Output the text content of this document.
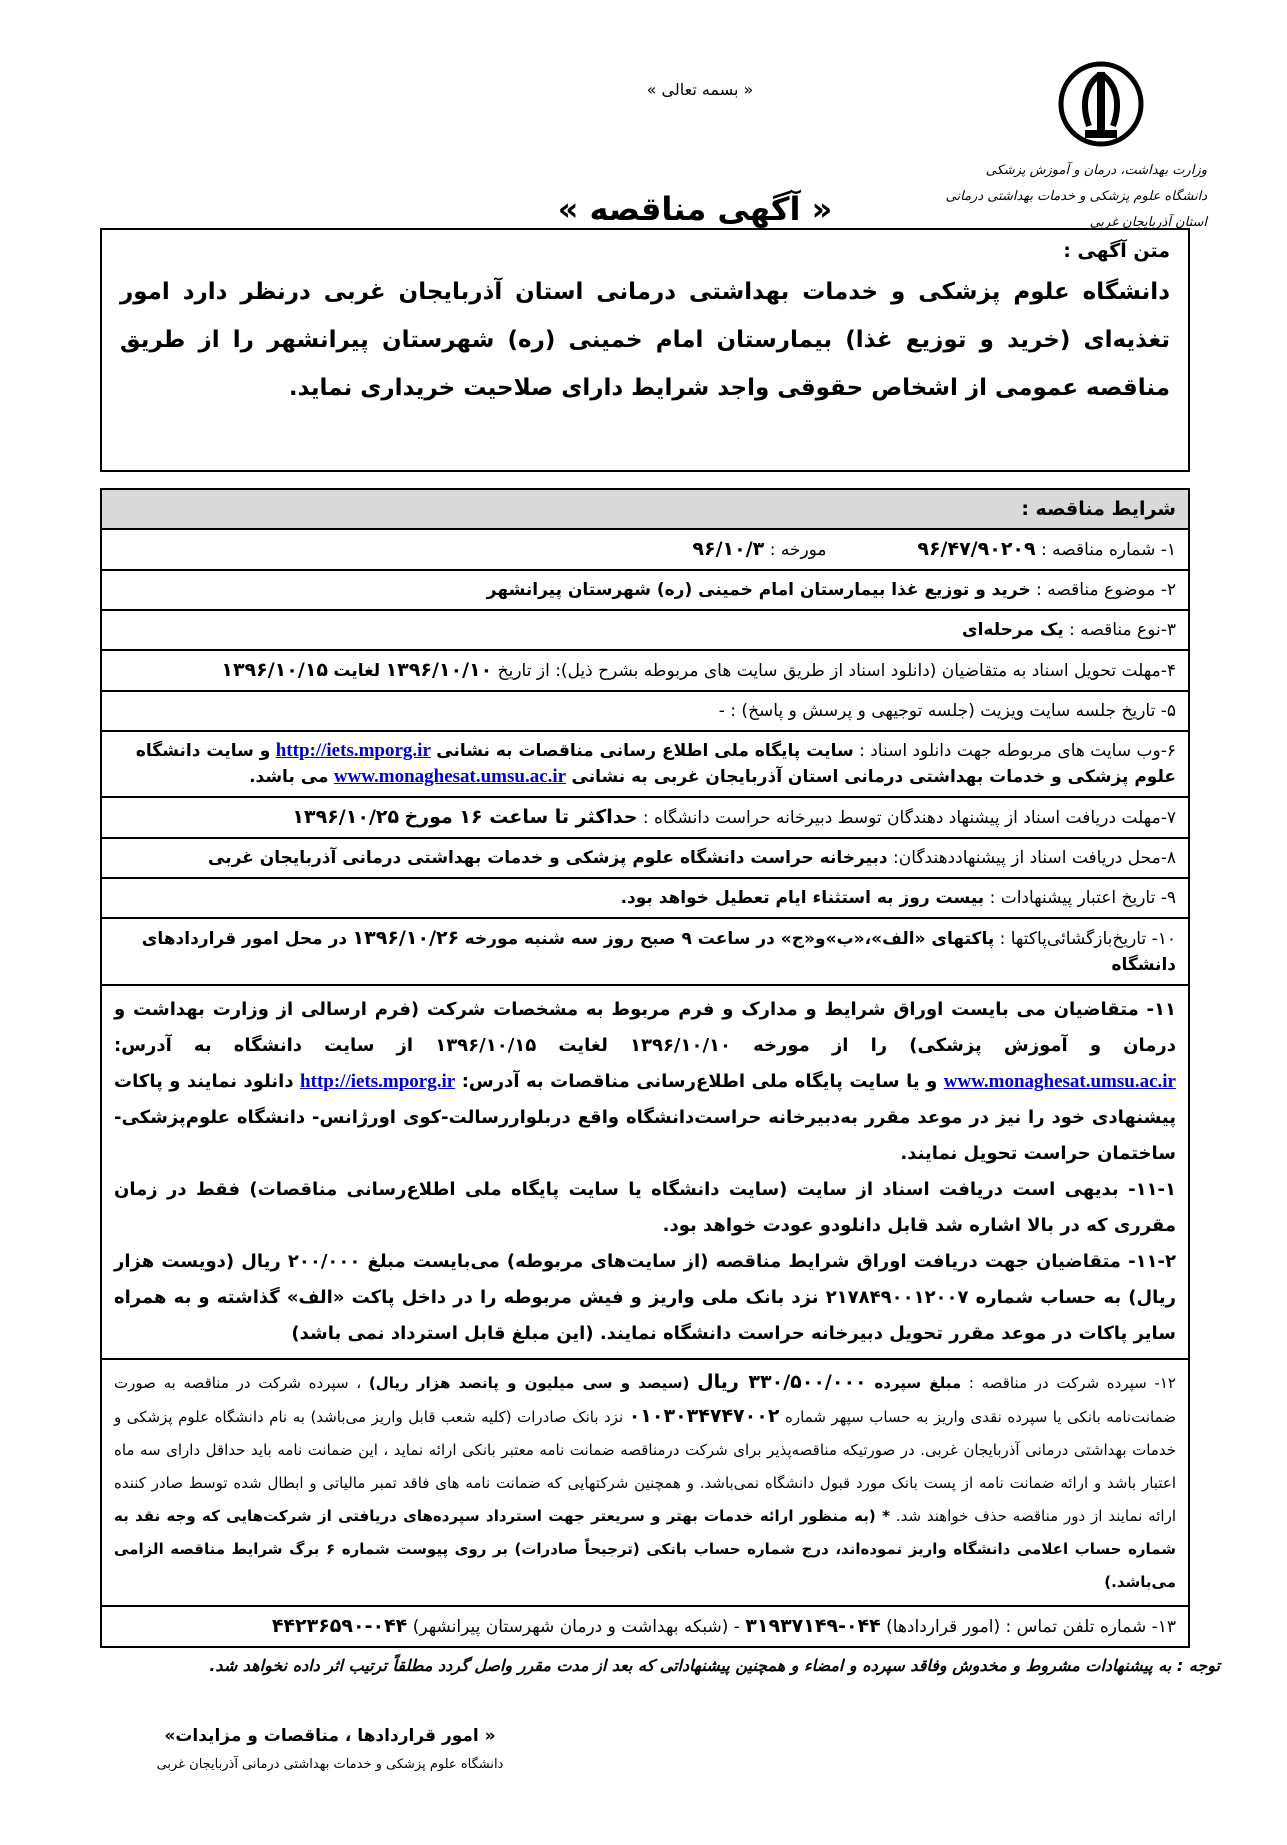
وزارت بهداشت، درمان و آموزش پزشکی
دانشگاه علوم پزشکی و خدمات بهداشتی درمانی
استان آذربایجان غربی
« بسمه تعالی »
« آگهی مناقصه »
متن آگهی :
دانشگاه علوم پزشکی و خدمات بهداشتی درمانی استان آذربایجان غربی درنظر دارد امور تغذیه‌ای (خرید و توزیع غذا) بیمارستان امام خمینی (ره) شهرستان پیرانشهر را از طریق مناقصه عمومی از اشخاص حقوقی واجد شرایط دارای صلاحیت خریداری نماید.
شرایط مناقصه :
۱- شماره مناقصه : ۹۶/۴۷/۹۰۲۰۹  مورخه : ۹۶/۱۰/۳
۲- موضوع مناقصه : خرید و توزیع غذا بیمارستان امام خمینی (ره) شهرستان پیرانشهر
۳-نوع مناقصه : یک مرحله‌ای
۴-مهلت تحویل اسناد به متقاضیان (دانلود اسناد از طریق سایت های مربوطه بشرح ذیل): از تاریخ ۱۳۹۶/۱۰/۱۰ لغایت ۱۳۹۶/۱۰/۱۵
۵- تاریخ جلسه سایت ویزیت (جلسه توجیهی و پرسش و پاسخ) : -
۶-وب سایت های مربوطه جهت دانلود اسناد : سایت پایگاه ملی اطلاع رسانی مناقصات به نشانی http://iets.mporg.ir و سایت دانشگاه علوم پزشکی و خدمات بهداشتی درمانی استان آذربایجان غربی به نشانی www.monaghesat.umsu.ac.ir می باشد.
۷-مهلت دریافت اسناد از پیشنهاد دهندگان توسط دبیرخانه حراست دانشگاه : حداکثر تا ساعت ۱۶ مورخ ۱۳۹۶/۱۰/۲۵
۸-محل دریافت اسناد از پیشنهاددهندگان: دبیرخانه حراست دانشگاه علوم پزشکی و خدمات بهداشتی درمانی آذربایجان غربی
۹- تاریخ اعتبار پیشنهادات : بیست روز به استثناء ایام تعطیل خواهد بود.
۱۰- تاریخ‌بازگشائی‌پاکتها : پاکتهای «الف»،«ب»و«ج» در ساعت ۹ صبح روز سه شنبه مورخه ۱۳۹۶/۱۰/۲۶ در محل امور قراردادهای دانشگاه

۱۱- متقاضیان می بایست اوراق شرایط و مدارک و فرم مربوط به مشخصات شرکت (فرم ارسالی از وزارت بهداشت و درمان و آموزش پزشکی) را از مورخه ۱۳۹۶/۱۰/۱۰ لغایت ۱۳۹۶/۱۰/۱۵ از سایت دانشگاه به آدرس: www.monaghesat.umsu.ac.ir و یا سایت پایگاه ملی اطلاع‌رسانی مناقصات به آدرس: http://iets.mporg.ir دانلود نمایند و پاکات پیشنهادی خود را نیز در موعد مقرر به‌دبیرخانه حراست‌دانشگاه واقع دربلواررسالت-کوی اورژانس- دانشگاه علوم‌پزشکی- ساختمان حراست تحویل نمایند.

۱۱-۱- بدیهی است دریافت اسناد از سایت (سایت دانشگاه یا سایت پایگاه ملی اطلاع‌رسانی مناقصات) فقط در زمان مقرری که در بالا اشاره شد قابل دانلودو عودت خواهد بود.

۱۱-۲- متقاضیان جهت دریافت اوراق شرایط مناقصه (از سایت‌های مربوطه) می‌بایست مبلغ ۲۰۰/۰۰۰ ریال (دویست هزار ریال) به حساب شماره ۲۱۷۸۴۹۰۰۱۲۰۰۷ نزد بانک ملی واریز و فیش مربوطه را در داخل پاکت «الف» گذاشته و به همراه سایر پاکات در موعد مقرر تحویل دبیرخانه حراست دانشگاه نمایند. (این مبلغ قابل استرداد نمی باشد)

۱۲- سپرده شرکت در مناقصه : مبلغ سپرده ۳۳۰/۵۰۰/۰۰۰ ریال (سیصد و سی میلیون و پانصد هزار ریال) ، سپرده شرکت در مناقصه به صورت ضمانت‌نامه بانکی یا سپرده نقدی واریز به حساب سپهر شماره ۰۱۰۳۰۳۴۷۴۷۰۰۲ نزد بانک صادرات (کلیه شعب قابل واریز می‌باشد) به نام دانشگاه علوم پزشکی و خدمات بهداشتی درمانی آذربایجان غربی. در صورتیکه مناقصه‌پذیر برای شرکت درمناقصه ضمانت نامه معتبر بانکی ارائه نماید ، این ضمانت نامه باید حداقل دارای سه ماه اعتبار باشد و ارائه ضمانت نامه از پست بانک مورد قبول دانشگاه نمی‌باشد. و همچنین شرکتهایی که ضمانت نامه های فاقد تمبر مالیاتی و ابطال شده توسط صادر کننده ارائه نمایند از دور مناقصه حذف خواهند شد. * (به منظور ارائه خدمات بهتر و سریعتر جهت استرداد سپرده‌های دریافتی از شرکت‌هایی که وجه نقد به شماره حساب اعلامی دانشگاه واریز نموده‌اند، درج شماره حساب بانکی (ترجیحاً صادرات) بر روی پیوست شماره ۶ برگ شرایط مناقصه الزامی می‌باشد.)

۱۳- شماره تلفن تماس : (امور قراردادها) ۰۴۴-۳۱۹۳۷۱۴۹ - (شبکه بهداشت و درمان شهرستان پیرانشهر) ۰۴۴-۴۴۲۳۶۵۹۰
توجه : به پیشنهادات مشروط و مخدوش وفاقد سپرده و امضاء و همچنین پیشنهاداتی که بعد از مدت مقرر واصل گردد مطلقاً ترتیب اثر داده نخواهد شد.
« امور قراردادها ، مناقصات و مزایدات»
دانشگاه علوم پزشکی و خدمات بهداشتی درمانی آذربایجان غربی
